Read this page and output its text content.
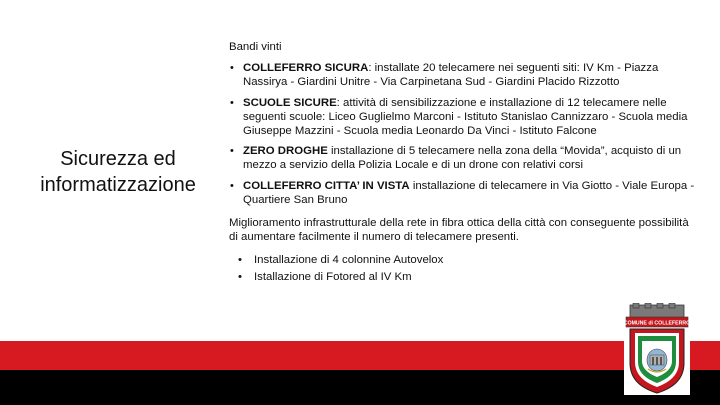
Sicurezza ed informatizzazione
Bandi vinti
• COLLEFERRO SICURA: installate 20 telecamere nei seguenti siti: IV Km - Piazza Nassirya - Giardini Unitre - Via Carpinetana Sud - Giardini Placido Rizzotto
• SCUOLE SICURE: attività di sensibilizzazione e installazione di 12 telecamere nelle seguenti scuole: Liceo Guglielmo Marconi - Istituto Stanislao Cannizzaro - Scuola media Giuseppe Mazzini - Scuola media Leonardo Da Vinci - Istituto Falcone
• ZERO DROGHE installazione di 5 telecamere nella zona della “Movida”, acquisto di un mezzo a servizio della Polizia Locale e di un drone con relativi corsi
• COLLEFERRO CITTA’ IN VISTA installazione di telecamere in Via Giotto - Viale Europa - Quartiere San Bruno
Miglioramento infrastrutturale della rete in fibra ottica della città con conseguente possibilità di aumentare facilmente il numero di telecamere presenti.
• Installazione di 4 colonnine Autovelox
• Istallazione di Fotored al IV Km
COMUNE di COLLEFERRO
